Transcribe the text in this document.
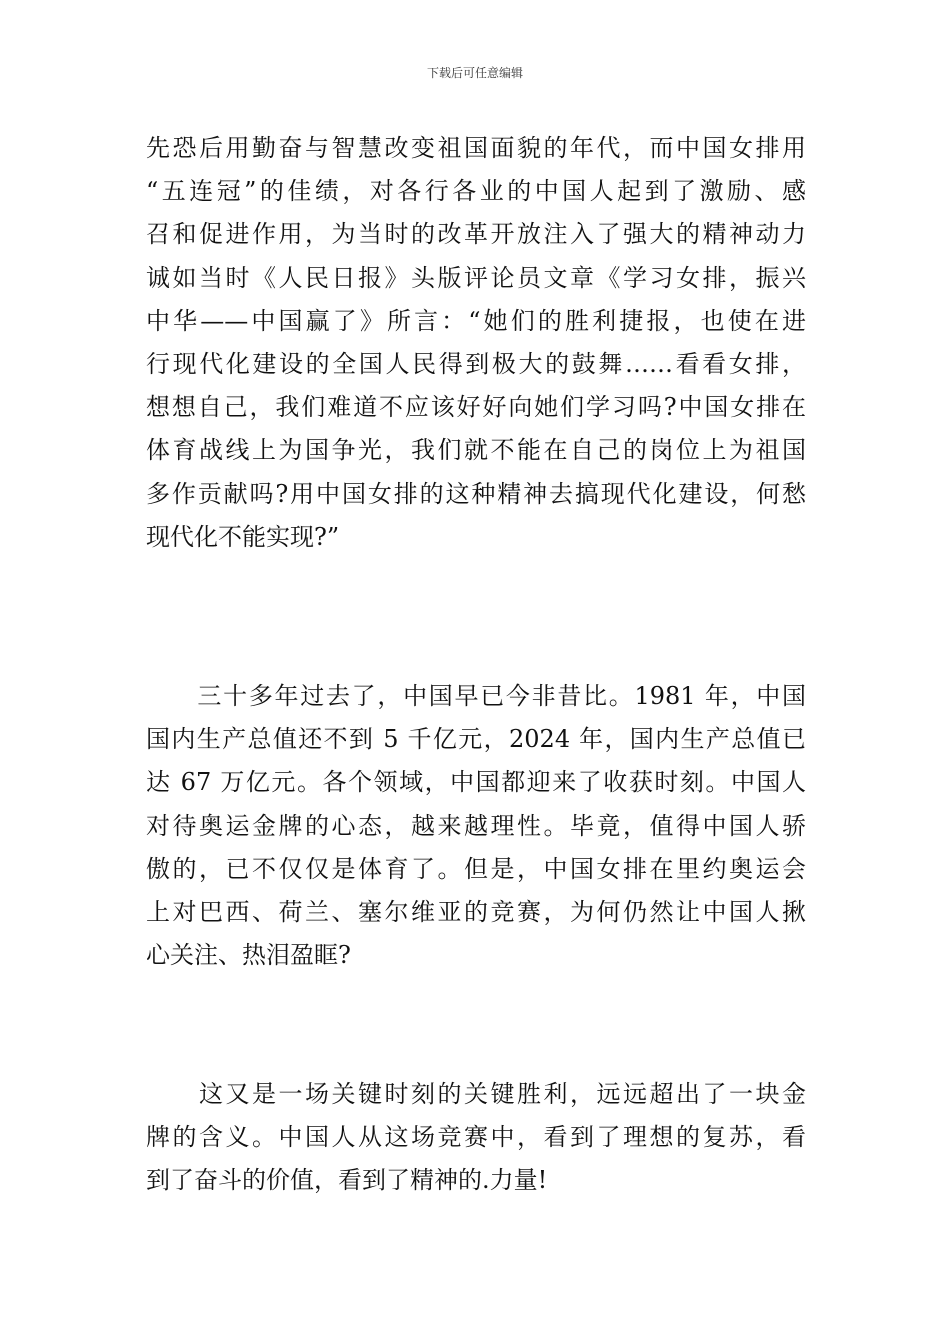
下载后可任意编辑
先恐后用勤奋与智慧改变祖国面貌的年代，而中国女排用
“五连冠”的佳绩，对各行各业的中国人起到了激励、感
召和促进作用，为当时的改革开放注入了强大的精神动力
诚如当时《人民日报》头版评论员文章《学习女排，振兴
中华——中国赢了》所言：“她们的胜利捷报，也使在进
行现代化建设的全国人民得到极大的鼓舞……看看女排，
想想自己，我们难道不应该好好向她们学习吗?中国女排在
体育战线上为国争光，我们就不能在自己的岗位上为祖国
多作贡献吗?用中国女排的这种精神去搞现代化建设，何愁
现代化不能实现?”
　　三十多年过去了，中国早已今非昔比。1981 年，中国
国内生产总值还不到 5 千亿元，2024 年，国内生产总值已
达 67 万亿元。各个领域，中国都迎来了收获时刻。中国人
对待奥运金牌的心态，越来越理性。毕竟，值得中国人骄
傲的，已不仅仅是体育了。但是，中国女排在里约奥运会
上对巴西、荷兰、塞尔维亚的竞赛，为何仍然让中国人揪
心关注、热泪盈眶?
　　这又是一场关键时刻的关键胜利，远远超出了一块金
牌的含义。中国人从这场竞赛中，看到了理想的复苏，看
到了奋斗的价值，看到了精神的.力量!
